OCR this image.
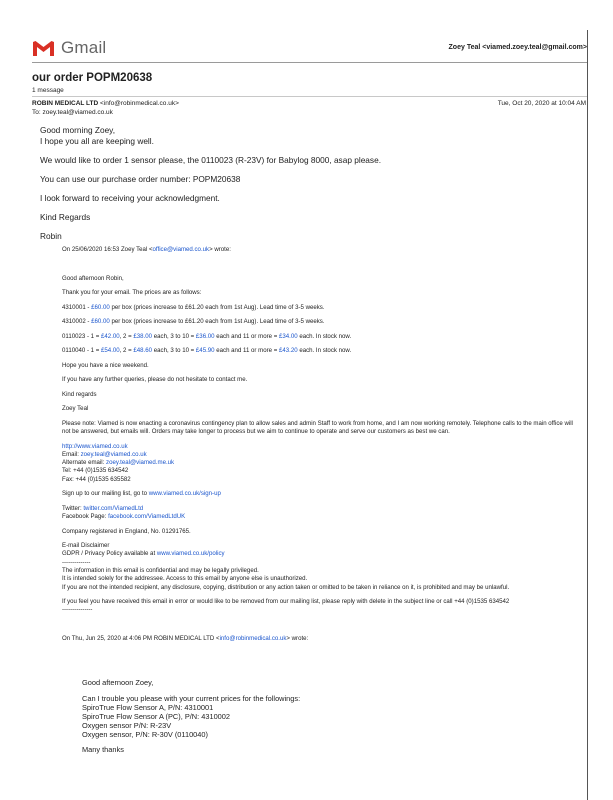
Gmail	Zoey Teal <viamed.zoey.teal@gmail.com>
our order POPM20638
1 message
ROBIN MEDICAL LTD <info@robinmedical.co.uk>
To: zoey.teal@viamed.co.uk
Tue, Oct 20, 2020 at 10:04 AM

Good morning Zoey,
I hope you all are keeping well.

We would like to order 1 sensor please, the 0110023 (R-23V) for Babylog 8000, asap please.

You can use our purchase order number: POPM20638

I look forward to receiving your acknowledgment.

Kind Regards

Robin

On 25/06/2020 16:53 Zoey Teal <office@viamed.co.uk> wrote:

Good afternoon Robin,

Thank you for your email. The prices are as follows:

4310001 - £60.00 per box (prices increase to £61.20 each from 1st Aug). Lead time of 3-5 weeks.

4310002 - £60.00 per box (prices increase to £61.20 each from 1st Aug). Lead time of 3-5 weeks.

0110023 - 1 = £42.00, 2 = £38.00 each, 3 to 10 = £36.00 each and 11 or more = £34.00 each. In stock now.

0110040 - 1 = £54.00, 2 = £48.60 each, 3 to 10 = £45.90 each and 11 or more = £43.20 each. In stock now.

Hope you have a nice weekend.

If you have any further queries, please do not hesitate to contact me.

Kind regards

Zoey Teal

Please note: Viamed is now enacting a coronavirus contingency plan to allow sales and admin Staff to work from home, and I am now working remotely. Telephone calls to the main office will not be answered, but emails will. Orders may take longer to process but we aim to continue to operate and serve our customers as best we can.

http://www.viamed.co.uk
Email: zoey.teal@viamed.co.uk
Alternate email: zoey.teal@viamed.me.uk
Tel: +44 (0)1535 634542
Fax: +44 (0)1535 635582

Sign up to our mailing list, go to www.viamed.co.uk/sign-up

Twitter: twitter.com/ViamedLtd
Facebook Page: facebook.com/ViamedLtdUK

Company registered in England, No. 01291765.

E-mail Disclaimer
GDPR / Privacy Policy available at www.viamed.co.uk/policy
--------------
The information in this email is confidential and may be legally privileged.
It is intended solely for the addressee. Access to this email by anyone else is unauthorized.
If you are not the intended recipient, any disclosure, copying, distribution or any action taken or omitted to be taken in reliance on it, is prohibited and may be unlawful.

If you feel you have received this email in error or would like to be removed from our mailing list, please reply with delete in the subject line or call +44 (0)1535 634542
---------------

On Thu, Jun 25, 2020 at 4:06 PM ROBIN MEDICAL LTD <info@robinmedical.co.uk> wrote:

Good afternoon Zoey,

Can I trouble you please with your current prices for the followings:
SpiroTrue Flow Sensor A, P/N: 4310001
SpiroTrue Flow Sensor A (PC), P/N: 4310002
Oxygen sensor P/N: R-23V
Oxygen sensor, P/N: R-30V (0110040)

Many thanks
